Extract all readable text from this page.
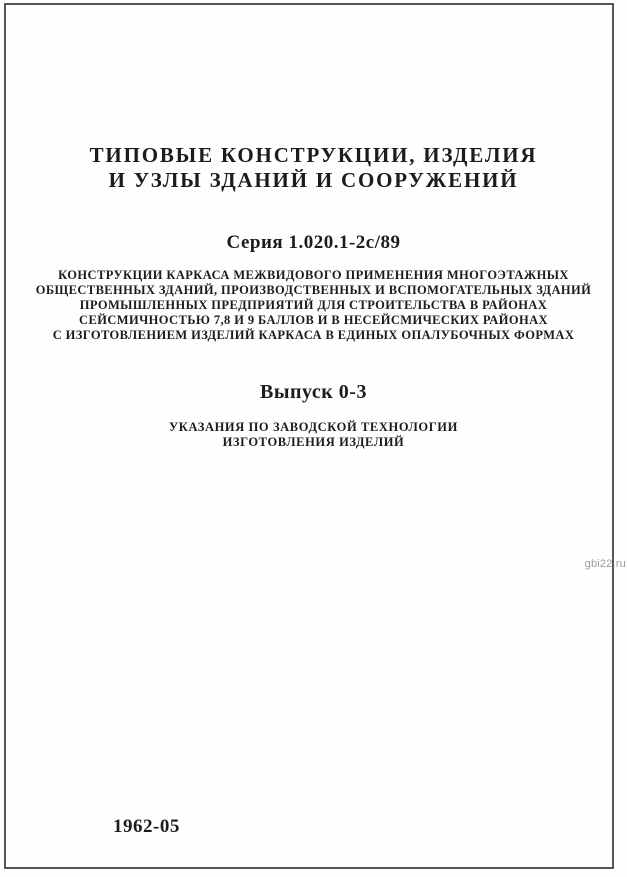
ТИПОВЫЕ КОНСТРУКЦИИ, ИЗДЕЛИЯ
И УЗЛЫ ЗДАНИЙ И СООРУЖЕНИЙ
Серия 1.020.1-2с/89
КОНСТРУКЦИИ КАРКАСА МЕЖВИДОВОГО ПРИМЕНЕНИЯ МНОГОЭТАЖНЫХ
ОБЩЕСТВЕННЫХ ЗДАНИЙ, ПРОИЗВОДСТВЕННЫХ И ВСПОМОГАТЕЛЬНЫХ ЗДАНИЙ
ПРОМЫШЛЕННЫХ ПРЕДПРИЯТИЙ ДЛЯ СТРОИТЕЛЬСТВА В РАЙОНАХ
СЕЙСМИЧНОСТЬЮ 7,8 И 9 БАЛЛОВ И В НЕСЕЙСМИЧЕСКИХ РАЙОНАХ
С ИЗГОТОВЛЕНИЕМ ИЗДЕЛИЙ КАРКАСА В ЕДИНЫХ ОПАЛУБОЧНЫХ ФОРМАХ
Выпуск 0-3
УКАЗАНИЯ ПО ЗАВОДСКОЙ ТЕХНОЛОГИИ
ИЗГОТОВЛЕНИЯ ИЗДЕЛИЙ
1962-05
gbi22.ru
